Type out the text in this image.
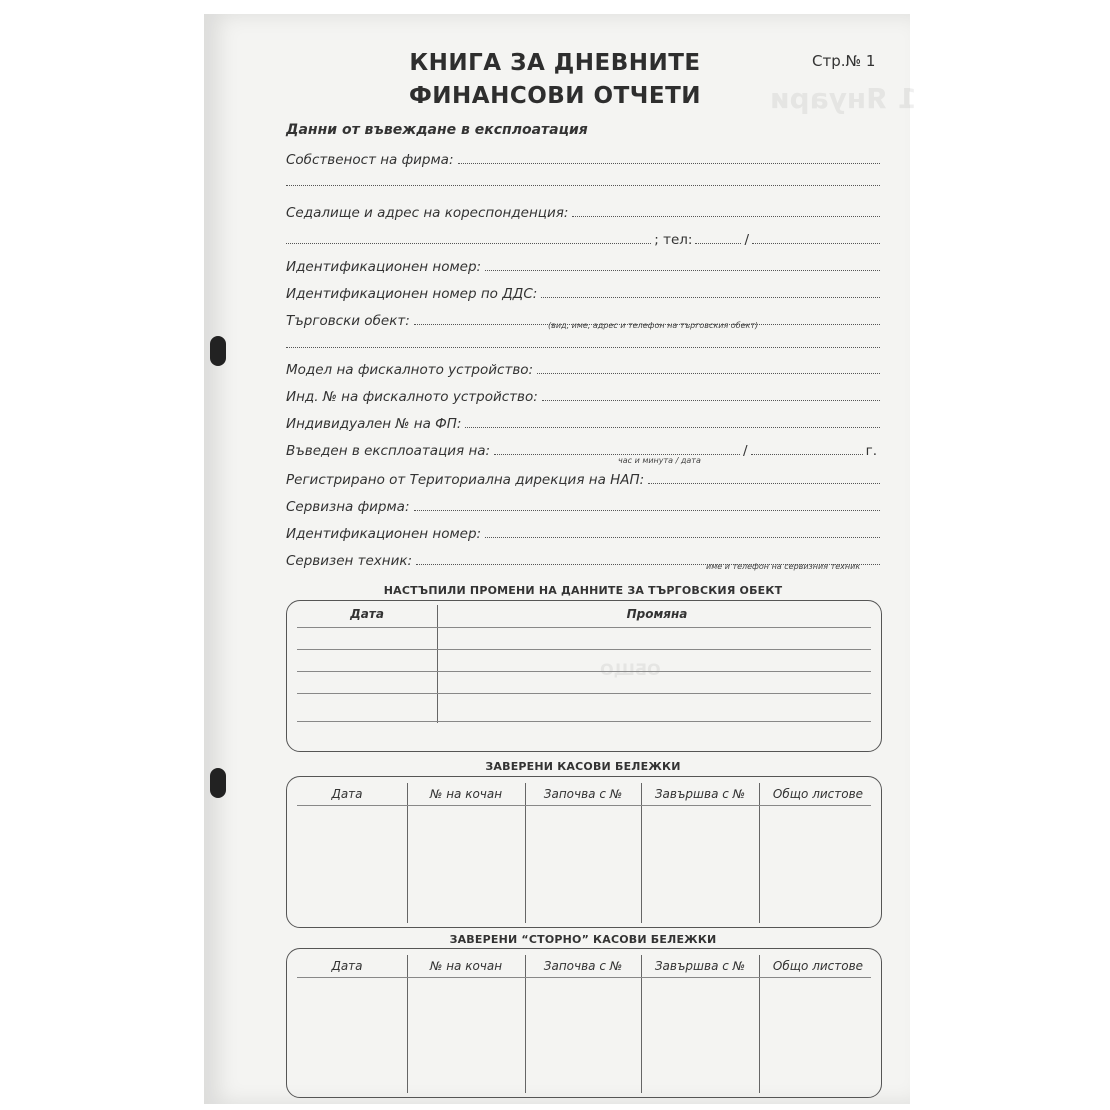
1 Януари
ОБЩО
КНИГА ЗА ДНЕВНИТЕ
ФИНАНСОВИ ОТЧЕТИ
Стр.№ 1
Данни от въвеждане в експлоатация
Собственост на фирма:
Седалище и адрес на кореспонденция:
; тел:	/
Идентификационен номер:
Идентификационен номер по ДДС:
Търговски обект:	(вид, име, адрес и телефон на търговския обект)
Модел на фискалното устройство:
Инд. № на фискалното устройство:
Индивидуален № на ФП:
Въведен в експлоатация на:	/	г.
час и минута / дата
Регистрирано от Териториална дирекция на НАП:
Сервизна фирма:
Идентификационен номер:
Сервизен техник:	име и телефон на сервизния техник
НАСТЪПИЛИ ПРОМЕНИ НА ДАННИТЕ ЗА ТЪРГОВСКИЯ ОБЕКТ
Дата	Промяна
ЗАВЕРЕНИ КАСОВИ БЕЛЕЖКИ
Дата	№ на кочан	Започва с №	Завършва с №	Общо листове
ЗАВЕРЕНИ “СТОРНО” КАСОВИ БЕЛЕЖКИ
Дата	№ на кочан	Започва с №	Завършва с №	Общо листове
